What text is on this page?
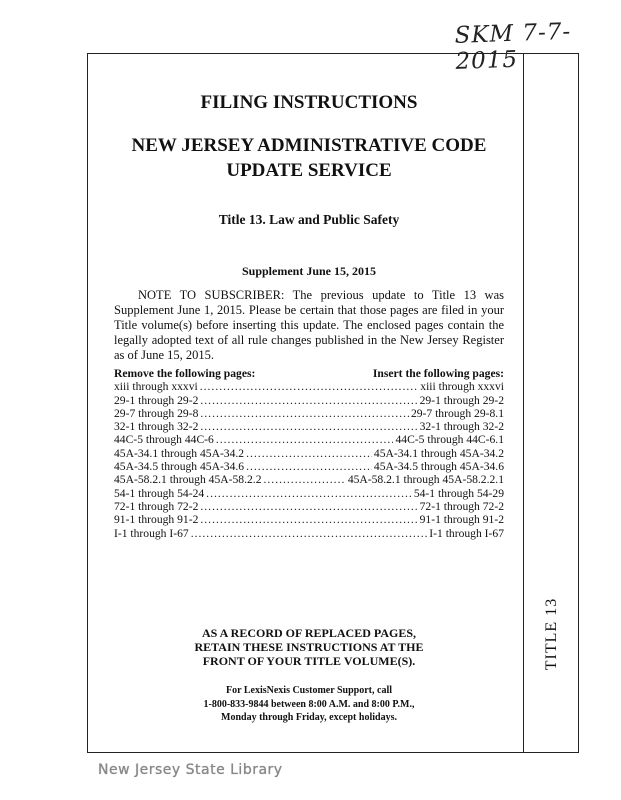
SKM 7-7-2015
TITLE 13

FILING INSTRUCTIONS

NEW JERSEY ADMINISTRATIVE CODE
UPDATE SERVICE

Title 13. Law and Public Safety
Supplement June 15, 2015
NOTE TO SUBSCRIBER: The previous update to Title 13 was Supplement June 1, 2015. Please be certain that those pages are filed in your Title volume(s) before inserting this update. The enclosed pages contain the legally adopted text of all rule changes published in the New Jersey Register as of June 15, 2015.
Remove the following pages:	Insert the following pages:
xiii through xxxvi .....	xiii through xxxvi
29-1 through 29-2 .....	29-1 through 29-2
29-7 through 29-8 .....	29-7 through 29-8.1
32-1 through 32-2 .....	32-1 through 32-2
44C-5 through 44C-6 .....	44C-5 through 44C-6.1
45A-34.1 through 45A-34.2 .....	45A-34.1 through 45A-34.2
45A-34.5 through 45A-34.6 .....	45A-34.5 through 45A-34.6
45A-58.2.1 through 45A-58.2.2 .....	45A-58.2.1 through 45A-58.2.2.1
54-1 through 54-24 .....	54-1 through 54-29
72-1 through 72-2 .....	72-1 through 72-2
91-1 through 91-2 .....	91-1 through 91-2
I-1 through I-67 .....	I-1 through I-67
AS A RECORD OF REPLACED PAGES,
RETAIN THESE INSTRUCTIONS AT THE
FRONT OF YOUR TITLE VOLUME(S).
For LexisNexis Customer Support, call
1-800-833-9844 between 8:00 A.M. and 8:00 P.M.,
Monday through Friday, except holidays.
New Jersey State Library
